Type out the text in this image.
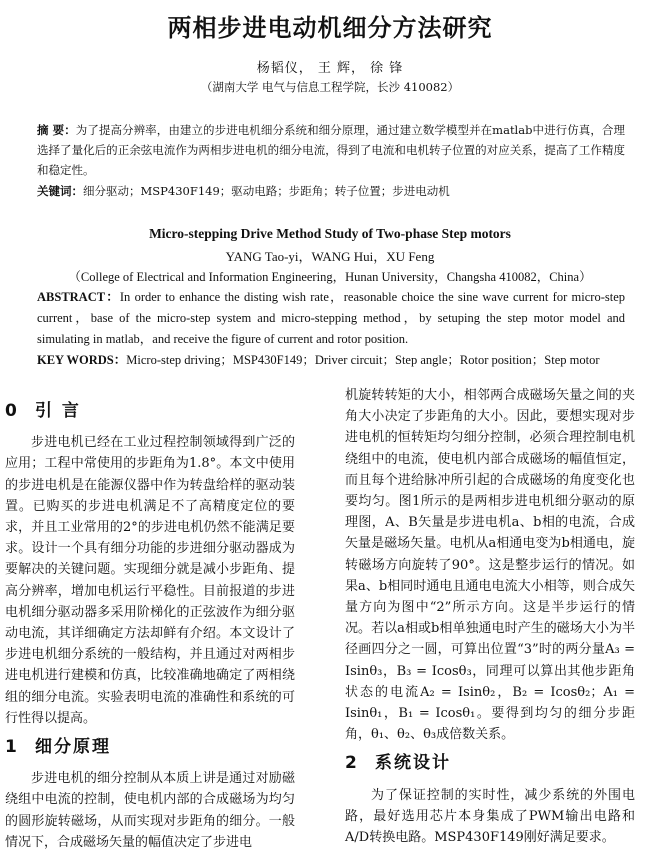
两相步进电动机细分方法研究
杨韬仪， 王 辉， 徐 锋
（湖南大学 电气与信息工程学院，长沙 410082）
摘 要：为了提高分辨率，由建立的步进电机细分系统和细分原理，通过建立数学模型并在matlab中进行仿真，合理选择了量化后的正余弦电流作为两相步进电机的细分电流，得到了电流和电机转子位置的对应关系，提高了工作精度和稳定性。
关键词：细分驱动；MSP430F149；驱动电路；步距角；转子位置；步进电动机
Micro-stepping Drive Method Study of Two-phase Step motors
YANG Tao-yi，WANG Hui，XU Feng
（College of Electrical and Information Engineering，Hunan University，Changsha 410082，China）
ABSTRACT：In order to enhance the disting wish rate，reasonable choice the sine wave current for micro-step current，base of the micro-step system and micro-stepping method，by setuping the step motor model and simulating in matlab，and receive the figure of current and rotor position.
KEY WORDS：Micro-step driving；MSP430F149；Driver circuit；Step angle；Rotor position；Step motor
0 引 言

步进电机已经在工业过程控制领域得到广泛的应用；工程中常使用的步距角为1.8°。本文中使用的步进电机是在能源仪器中作为转盘给样的驱动装置。已购买的步进电机满足不了高精度定位的要求，并且工业常用的2°的步进电机仍然不能满足要求。设计一个具有细分功能的步进细分驱动器成为要解决的关键问题。实现细分就是减小步距角、提高分辨率，增加电机运行平稳性。目前报道的步进电机细分驱动器多采用阶梯化的正弦波作为细分驱动电流，其详细确定方法却鲜有介绍。本文设计了步进电机细分系统的一般结构，并且通过对两相步进电机进行建模和仿真，比较准确地确定了两相绕组的细分电流。实验表明电流的准确性和系统的可行性得以提高。

1 细分原理

步进电机的细分控制从本质上讲是通过对励磁绕组中电流的控制，使电机内部的合成磁场为均匀的圆形旋转磁场，从而实现对步距角的细分。一般情况下，合成磁场矢量的幅值决定了步进电

机旋转转矩的大小，相邻两合成磁场矢量之间的夹角大小决定了步距角的大小。因此，要想实现对步进电机的恒转矩均匀细分控制，必须合理控制电机绕组中的电流，使电机内部合成磁场的幅值恒定，而且每个进给脉冲所引起的合成磁场的角度变化也要均匀。图1所示的是两相步进电机细分驱动的原理图，A、B矢量是步进电机a、b相的电流，合成矢量是磁场矢量。电机从a相通电变为b相通电，旋转磁场方向旋转了90°。这是整步运行的情况。如果a、b相同时通电且通电电流大小相等，则合成矢量方向为图中“2”所示方向。这是半步运行的情况。若以a相或b相单独通电时产生的磁场大小为半径画四分之一圆，可算出位置“3”时的两分量A₃ = Isinθ₃，B₃ = Icosθ₃，同理可以算出其他步距角状态的电流A₂ = Isinθ₂，B₂ = Icosθ₂；A₁ = Isinθ₁，B₁ = Icosθ₁。要得到均匀的细分步距角，θ₁、θ₂、θ₃成倍数关系。

2 系统设计

为了保证控制的实时性，减少系统的外围电路，最好选用芯片本身集成了PWM输出电路和A/D转换电路。MSP430F149刚好满足要求。
